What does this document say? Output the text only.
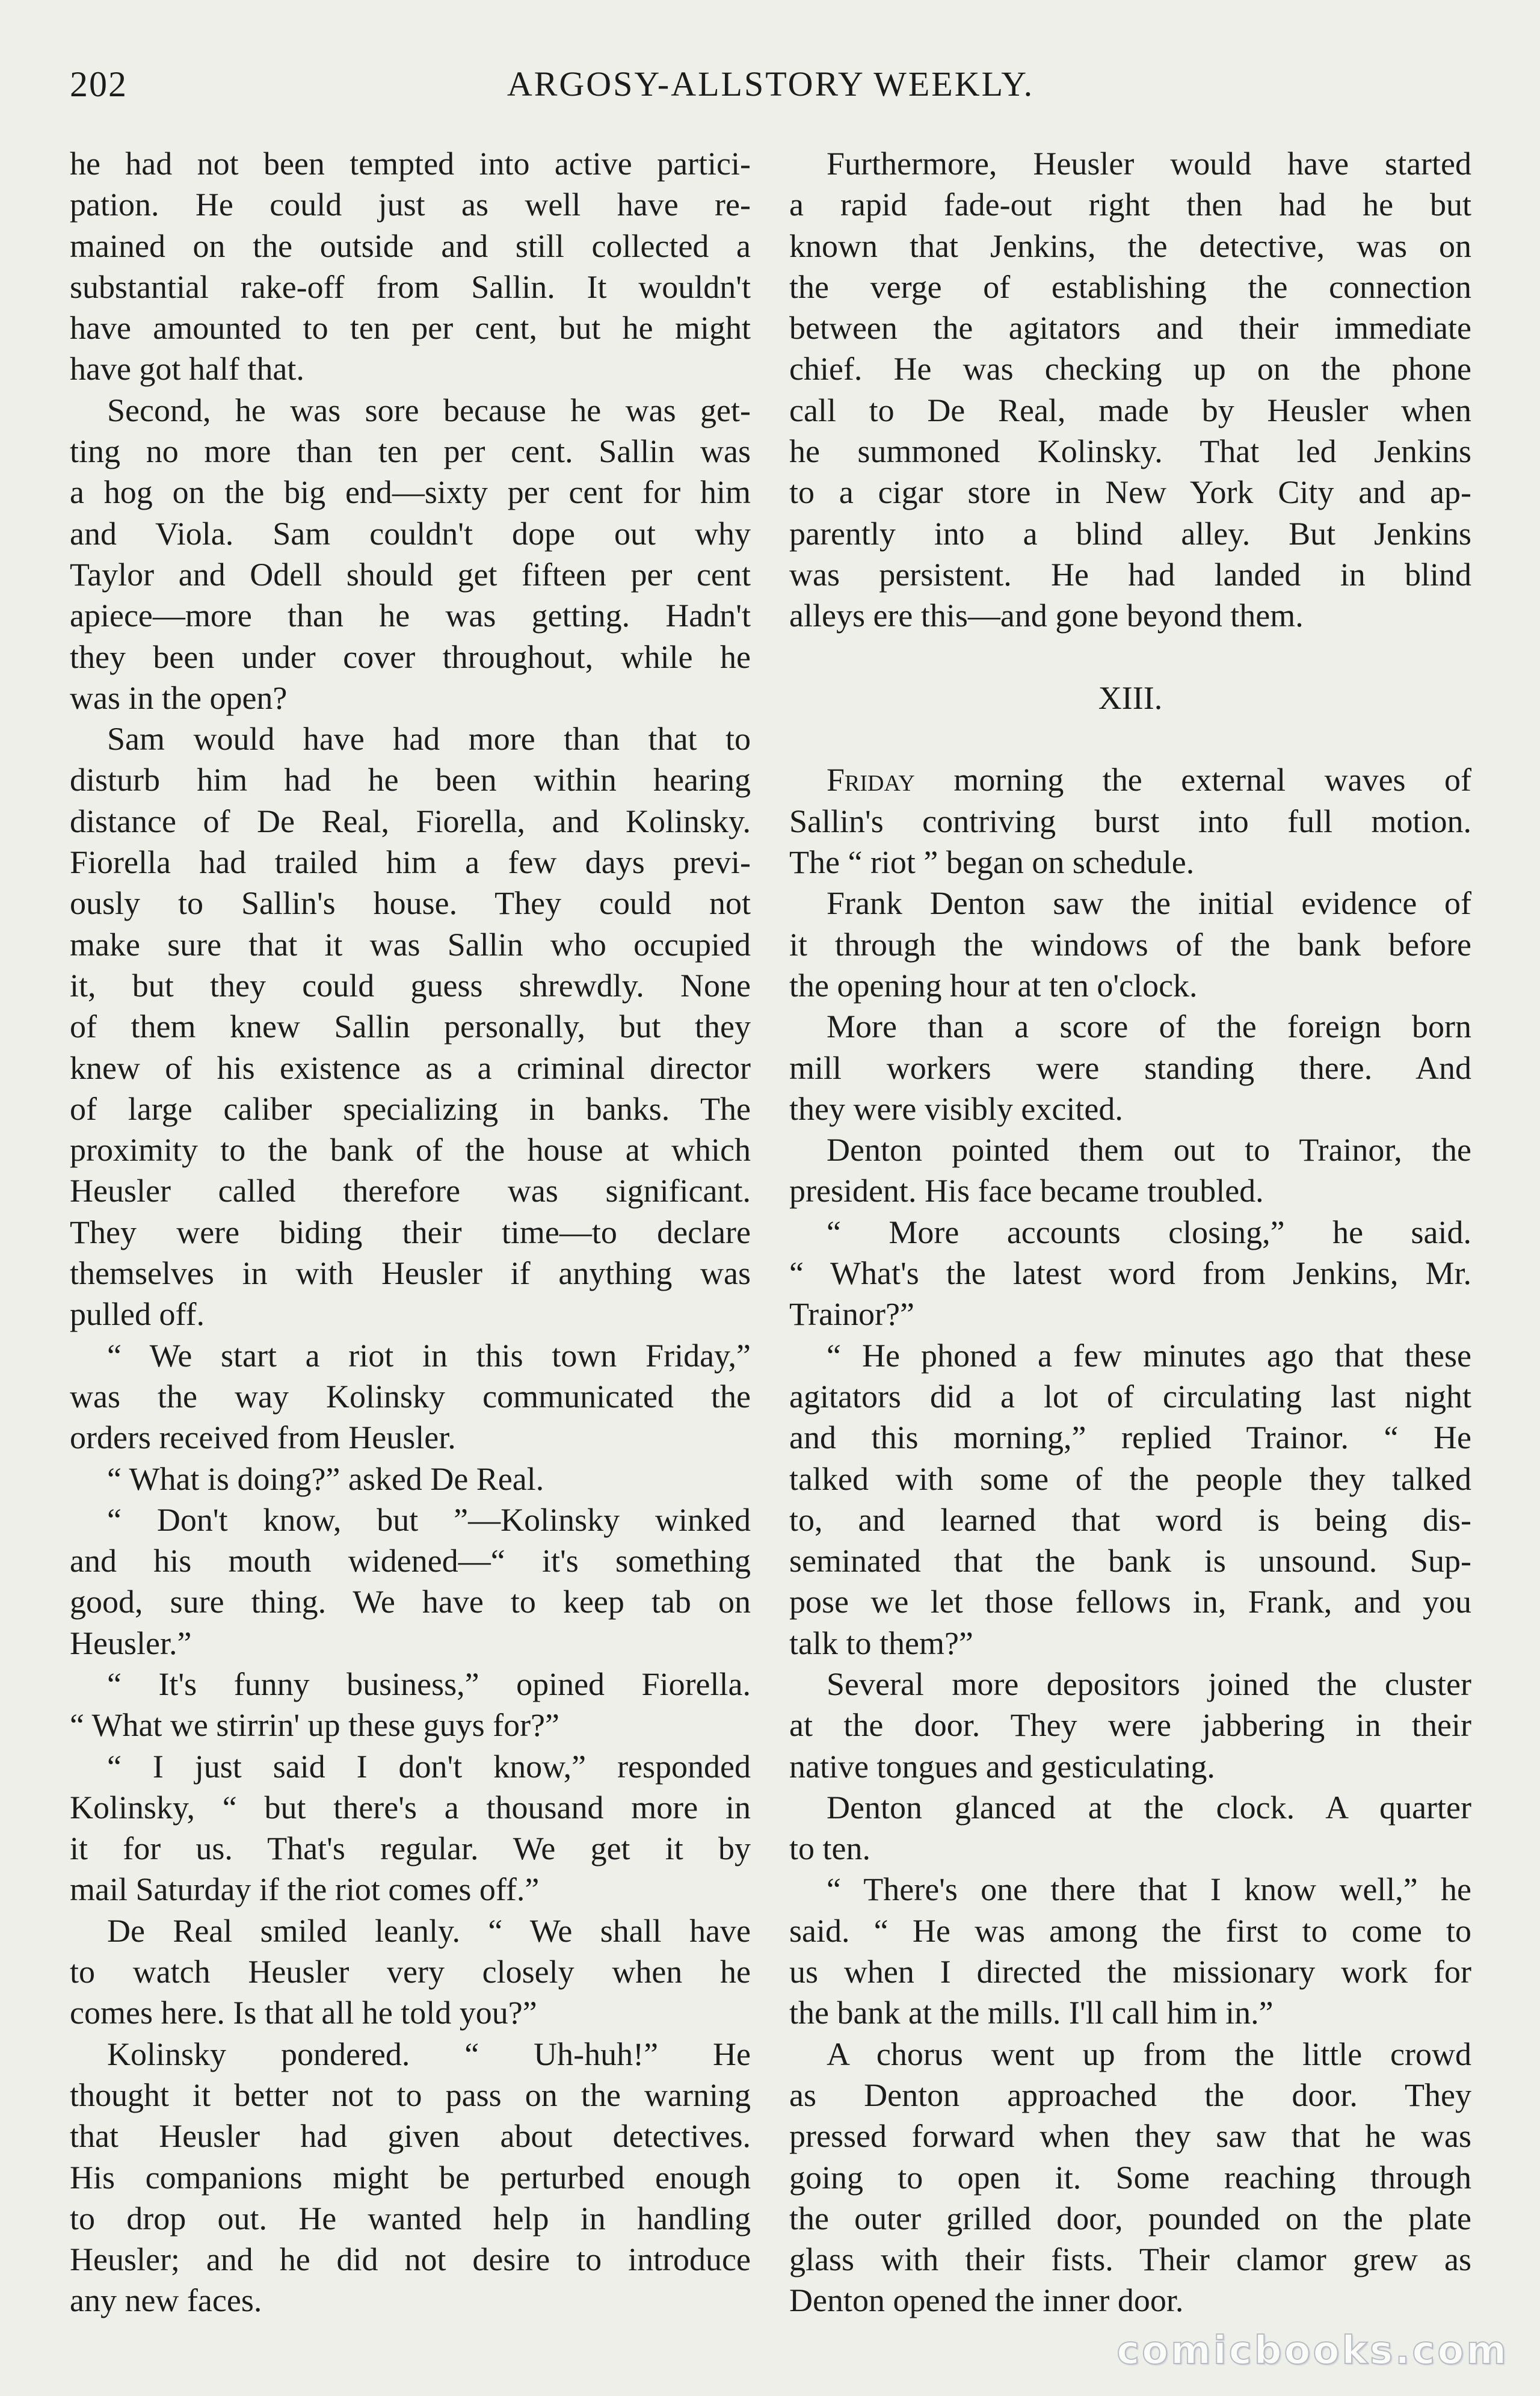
202	ARGOSY-ALLSTORY WEEKLY.
he had not been tempted into active partici-
pation. He could just as well have re-
mained on the outside and still collected a
substantial rake-off from Sallin. It wouldn't
have amounted to ten per cent, but he might
have got half that.
Second, he was sore because he was get-
ting no more than ten per cent. Sallin was
a hog on the big end—sixty per cent for him
and Viola. Sam couldn't dope out why
Taylor and Odell should get fifteen per cent
apiece—more than he was getting. Hadn't
they been under cover throughout, while he
was in the open?
Sam would have had more than that to
disturb him had he been within hearing
distance of De Real, Fiorella, and Kolinsky.
Fiorella had trailed him a few days previ-
ously to Sallin's house. They could not
make sure that it was Sallin who occupied
it, but they could guess shrewdly. None
of them knew Sallin personally, but they
knew of his existence as a criminal director
of large caliber specializing in banks. The
proximity to the bank of the house at which
Heusler called therefore was significant.
They were biding their time—to declare
themselves in with Heusler if anything was
pulled off.
“ We start a riot in this town Friday,”
was the way Kolinsky communicated the
orders received from Heusler.
“ What is doing?” asked De Real.
“ Don't know, but ”—Kolinsky winked
and his mouth widened—“ it's something
good, sure thing. We have to keep tab on
Heusler.”
“ It's funny business,” opined Fiorella.
“ What we stirrin' up these guys for?”
“ I just said I don't know,” responded
Kolinsky, “ but there's a thousand more in
it for us. That's regular. We get it by
mail Saturday if the riot comes off.”
De Real smiled leanly. “ We shall have
to watch Heusler very closely when he
comes here. Is that all he told you?”
Kolinsky pondered. “ Uh-huh!” He
thought it better not to pass on the warning
that Heusler had given about detectives.
His companions might be perturbed enough
to drop out. He wanted help in handling
Heusler; and he did not desire to introduce
any new faces.
Furthermore, Heusler would have started
a rapid fade-out right then had he but
known that Jenkins, the detective, was on
the verge of establishing the connection
between the agitators and their immediate
chief. He was checking up on the phone
call to De Real, made by Heusler when
he summoned Kolinsky. That led Jenkins
to a cigar store in New York City and ap-
parently into a blind alley. But Jenkins
was persistent. He had landed in blind
alleys ere this—and gone beyond them.
XIII.
Friday morning the external waves of
Sallin's contriving burst into full motion.
The “ riot ” began on schedule.
Frank Denton saw the initial evidence of
it through the windows of the bank before
the opening hour at ten o'clock.
More than a score of the foreign born
mill workers were standing there. And
they were visibly excited.
Denton pointed them out to Trainor, the
president. His face became troubled.
“ More accounts closing,” he said.
“ What's the latest word from Jenkins, Mr.
Trainor?”
“ He phoned a few minutes ago that these
agitators did a lot of circulating last night
and this morning,” replied Trainor. “ He
talked with some of the people they talked
to, and learned that word is being dis-
seminated that the bank is unsound. Sup-
pose we let those fellows in, Frank, and you
talk to them?”
Several more depositors joined the cluster
at the door. They were jabbering in their
native tongues and gesticulating.
Denton glanced at the clock. A quarter
to ten.
“ There's one there that I know well,” he
said. “ He was among the first to come to
us when I directed the missionary work for
the bank at the mills. I'll call him in.”
A chorus went up from the little crowd
as Denton approached the door. They
pressed forward when they saw that he was
going to open it. Some reaching through
the outer grilled door, pounded on the plate
glass with their fists. Their clamor grew as
Denton opened the inner door.
comicbooks.com
